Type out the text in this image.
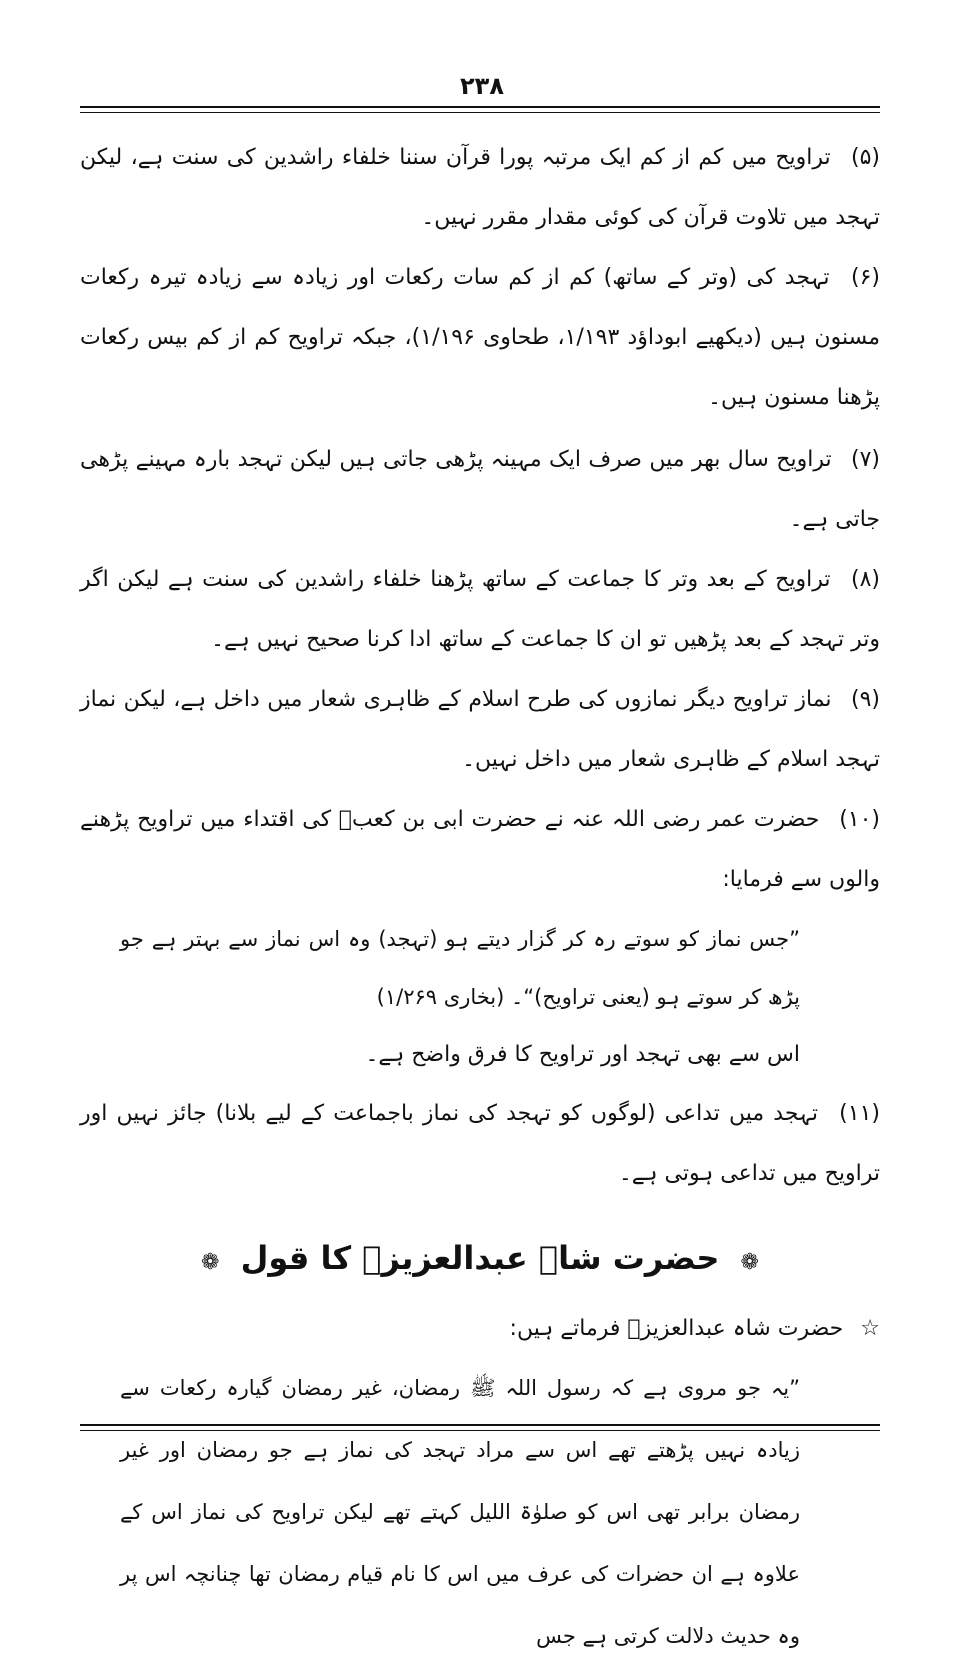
۲۳۸

(۵) تراویح میں کم از کم ایک مرتبہ پورا قرآن سننا خلفاء راشدین کی سنت ہے، لیکن تہجد میں تلاوت قرآن کی کوئی مقدار مقرر نہیں۔

(۶) تہجد کی (وتر کے ساتھ) کم از کم سات رکعات اور زیادہ سے زیادہ تیرہ رکعات مسنون ہیں (دیکھیے ابوداؤد ۱/۱۹۳، طحاوی ۱/۱۹۶)، جبکہ تراویح کم از کم بیس رکعات پڑھنا مسنون ہیں۔

(۷) تراویح سال بھر میں صرف ایک مہینہ پڑھی جاتی ہیں لیکن تہجد بارہ مہینے پڑھی جاتی ہے۔

(۸) تراویح کے بعد وتر کا جماعت کے ساتھ پڑھنا خلفاء راشدین کی سنت ہے لیکن اگر وتر تہجد کے بعد پڑھیں تو ان کا جماعت کے ساتھ ادا کرنا صحیح نہیں ہے۔

(۹) نماز تراویح دیگر نمازوں کی طرح اسلام کے ظاہری شعار میں داخل ہے، لیکن نماز تہجد اسلام کے ظاہری شعار میں داخل نہیں۔

(۱۰) حضرت عمر رضی اللہ عنہ نے حضرت ابی بن کعبؓ کی اقتداء میں تراویح پڑھنے والوں سے فرمایا:

”جس نماز کو سوتے رہ کر گزار دیتے ہو (تہجد) وہ اس نماز سے بہتر ہے جو پڑھ کر سوتے ہو (یعنی تراویح)“۔ (بخاری ۱/۲۶۹)

اس سے بھی تہجد اور تراویح کا فرق واضح ہے۔

(۱۱) تہجد میں تداعی (لوگوں کو تہجد کی نماز باجماعت کے لیے بلانا) جائز نہیں اور تراویح میں تداعی ہوتی ہے۔

❁ حضرت شاہ عبدالعزیزؒ کا قول ❁

☆ حضرت شاہ عبدالعزیزؒ فرماتے ہیں:

”یہ جو مروی ہے کہ رسول اللہ ﷺ رمضان، غیر رمضان گیارہ رکعات سے زیادہ نہیں پڑھتے تھے اس سے مراد تہجد کی نماز ہے جو رمضان اور غیر رمضان برابر تھی اس کو صلوٰۃ اللیل کہتے تھے لیکن تراویح کی نماز اس کے علاوہ ہے ان حضرات کی عرف میں اس کا نام قیام رمضان تھا چنانچہ اس پر وہ حدیث دلالت کرتی ہے جس
